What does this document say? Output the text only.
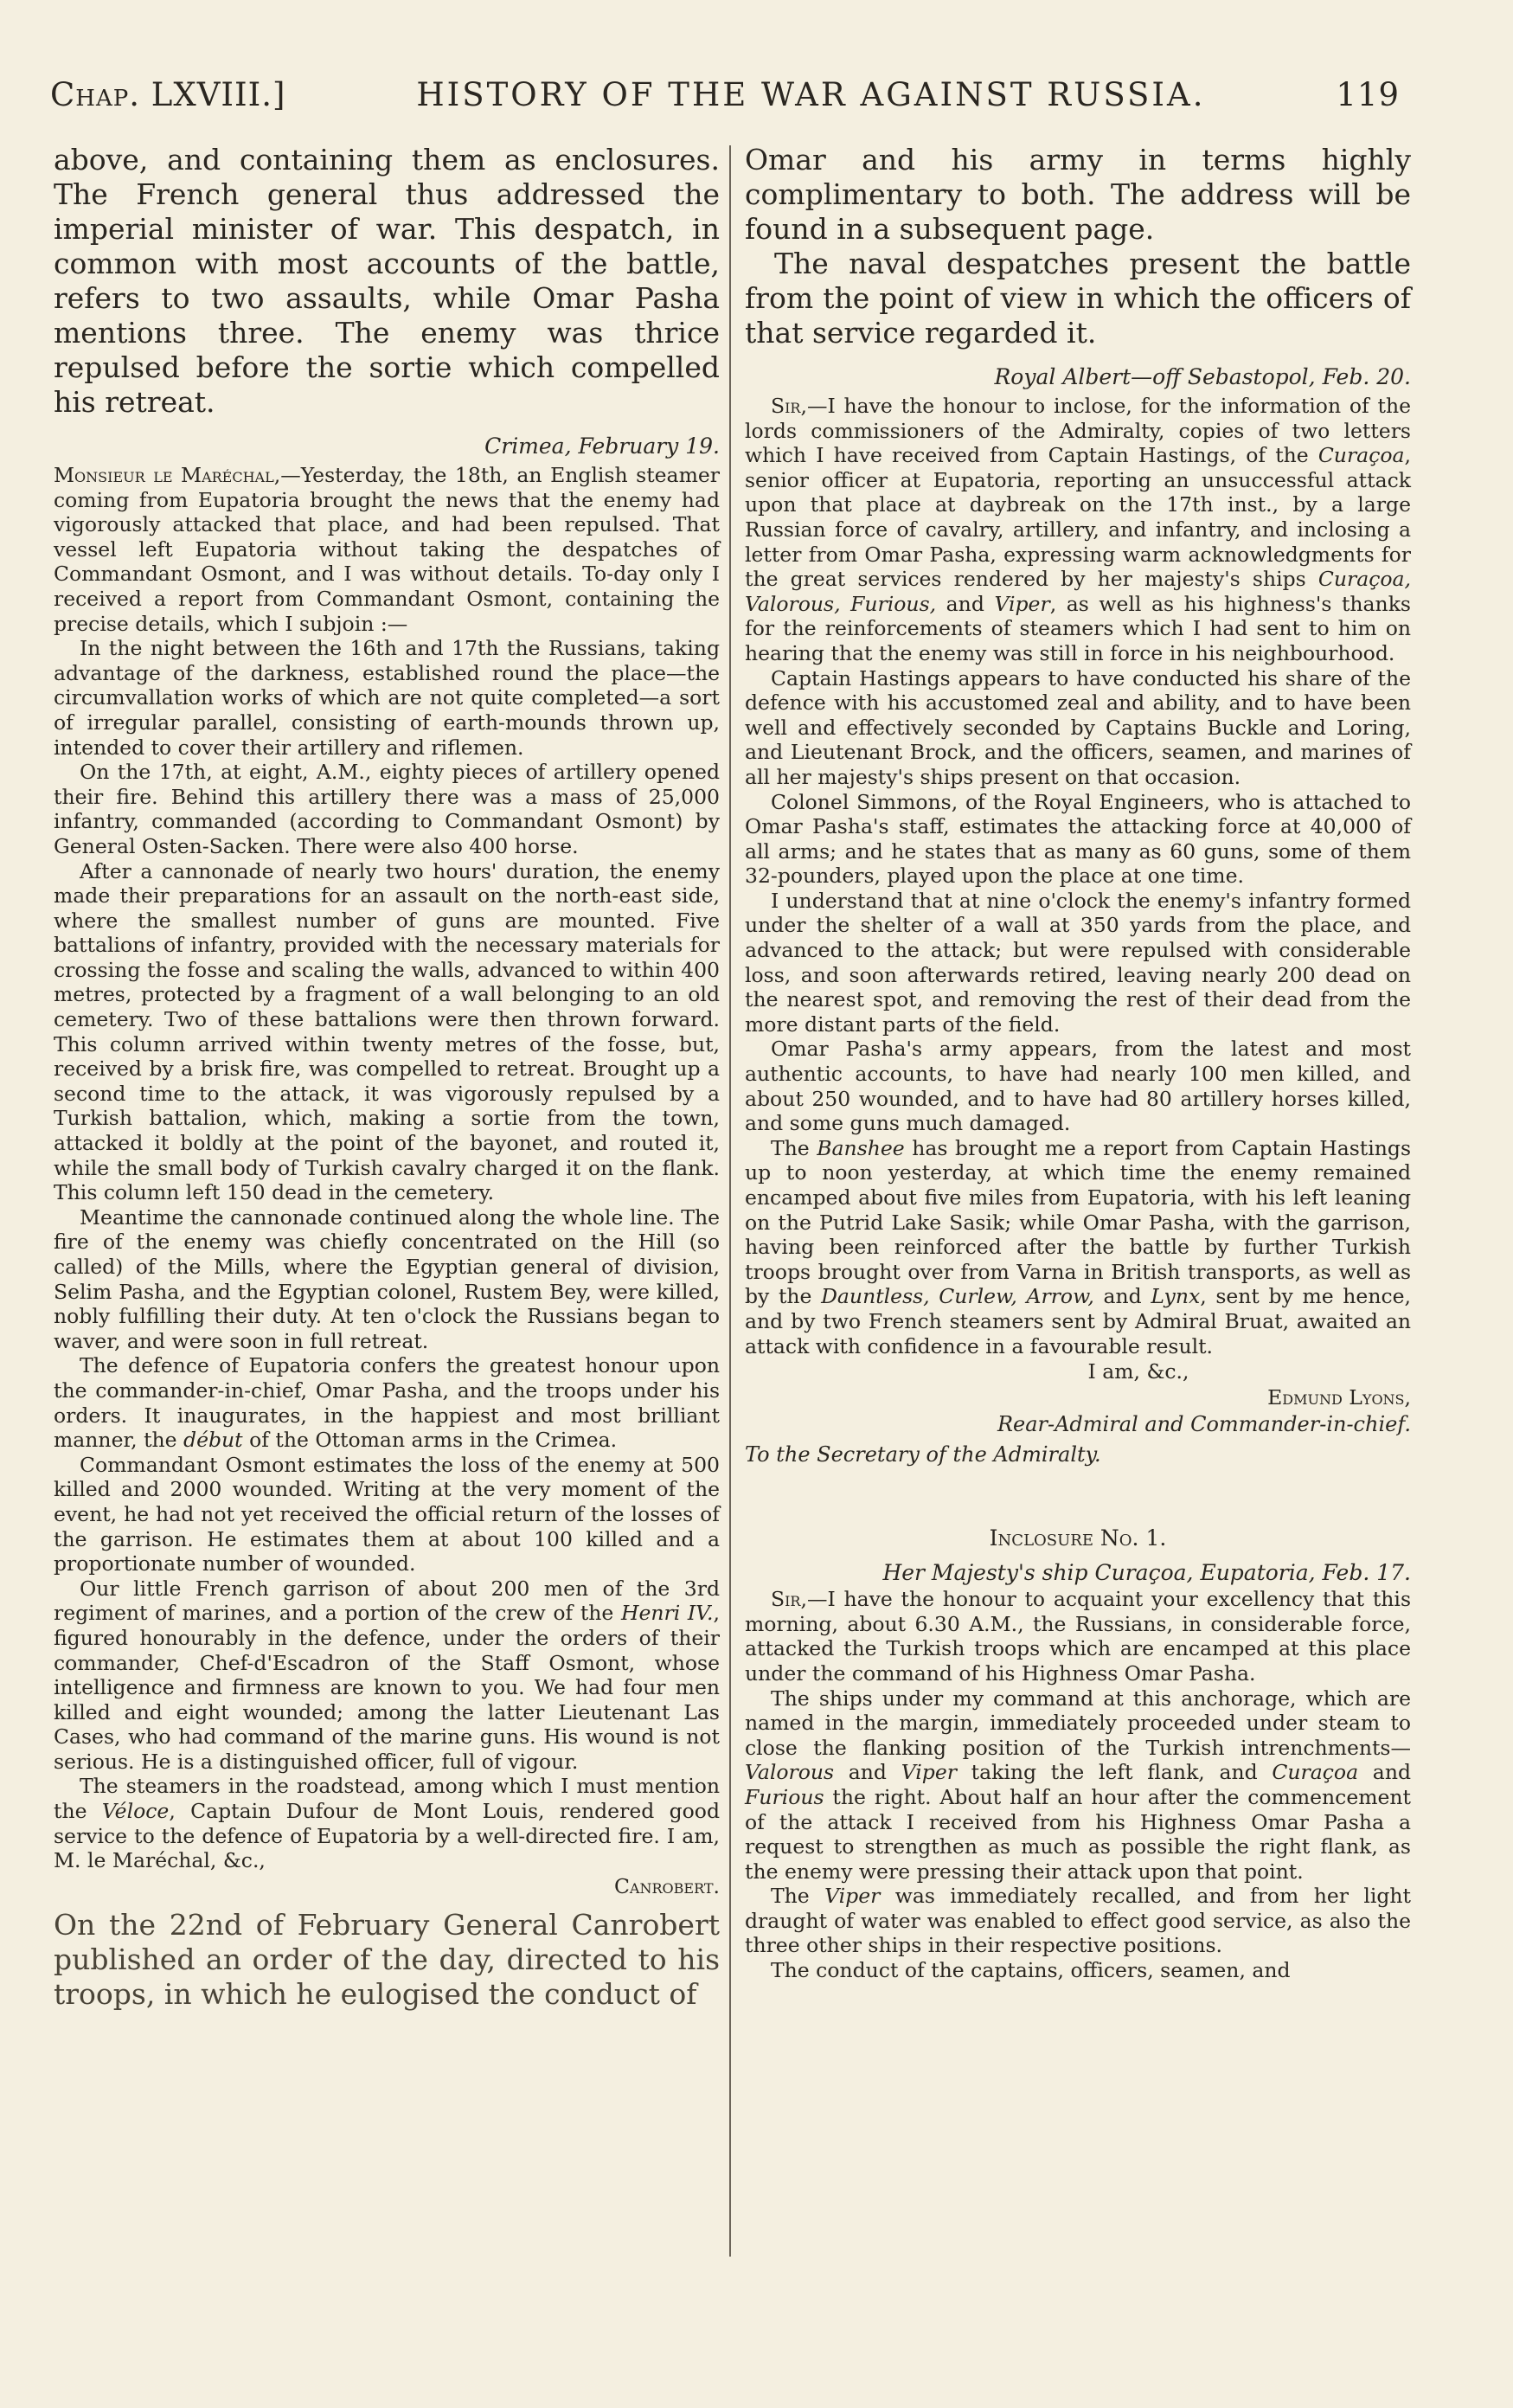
Chap. LXVIII.]	HISTORY OF THE WAR AGAINST RUSSIA.	119

above, and containing them as enclosures. The French general thus addressed the imperial minister of war. This despatch, in common with most accounts of the battle, refers to two assaults, while Omar Pasha mentions three. The enemy was thrice repulsed before the sortie which compelled his retreat.

Crimea, February 19.

Monsieur le Maréchal,—Yesterday, the 18th, an English steamer coming from Eupatoria brought the news that the enemy had vigorously attacked that place, and had been repulsed. That vessel left Eupatoria without taking the despatches of Commandant Osmont, and I was without details. To-day only I received a report from Commandant Osmont, containing the precise details, which I subjoin :—

In the night between the 16th and 17th the Russians, taking advantage of the darkness, established round the place—the circumvallation works of which are not quite completed—a sort of irregular parallel, consisting of earth-mounds thrown up, intended to cover their artillery and riflemen.

On the 17th, at eight, A.M., eighty pieces of artillery opened their fire. Behind this artillery there was a mass of 25,000 infantry, commanded (according to Commandant Osmont) by General Osten-Sacken. There were also 400 horse.

After a cannonade of nearly two hours' duration, the enemy made their preparations for an assault on the north-east side, where the smallest number of guns are mounted. Five battalions of infantry, provided with the necessary materials for crossing the fosse and scaling the walls, advanced to within 400 metres, protected by a fragment of a wall belonging to an old cemetery. Two of these battalions were then thrown forward. This column arrived within twenty metres of the fosse, but, received by a brisk fire, was compelled to retreat. Brought up a second time to the attack, it was vigorously repulsed by a Turkish battalion, which, making a sortie from the town, attacked it boldly at the point of the bayonet, and routed it, while the small body of Turkish cavalry charged it on the flank. This column left 150 dead in the cemetery.

Meantime the cannonade continued along the whole line. The fire of the enemy was chiefly concentrated on the Hill (so called) of the Mills, where the Egyptian general of division, Selim Pasha, and the Egyptian colonel, Rustem Bey, were killed, nobly fulfilling their duty. At ten o'clock the Russians began to waver, and were soon in full retreat.

The defence of Eupatoria confers the greatest honour upon the commander-in-chief, Omar Pasha, and the troops under his orders. It inaugurates, in the happiest and most brilliant manner, the début of the Ottoman arms in the Crimea.

Commandant Osmont estimates the loss of the enemy at 500 killed and 2000 wounded. Writing at the very moment of the event, he had not yet received the official return of the losses of the garrison. He estimates them at about 100 killed and a proportionate number of wounded.

Our little French garrison of about 200 men of the 3rd regiment of marines, and a portion of the crew of the Henri IV., figured honourably in the defence, under the orders of their commander, Chef-d'Escadron of the Staff Osmont, whose intelligence and firmness are known to you. We had four men killed and eight wounded; among the latter Lieutenant Las Cases, who had command of the marine guns. His wound is not serious. He is a distinguished officer, full of vigour.

The steamers in the roadstead, among which I must mention the Véloce, Captain Dufour de Mont Louis, rendered good service to the defence of Eupatoria by a well-directed fire. I am, M. le Maréchal, &c.,

Canrobert.

On the 22nd of February General Canrobert published an order of the day, directed to his troops, in which he eulogised the conduct of

Omar and his army in terms highly complimentary to both. The address will be found in a subsequent page.

The naval despatches present the battle from the point of view in which the officers of that service regarded it.

Royal Albert—off Sebastopol, Feb. 20.

Sir,—I have the honour to inclose, for the information of the lords commissioners of the Admiralty, copies of two letters which I have received from Captain Hastings, of the Curaçoa, senior officer at Eupatoria, reporting an unsuccessful attack upon that place at daybreak on the 17th inst., by a large Russian force of cavalry, artillery, and infantry, and inclosing a letter from Omar Pasha, expressing warm acknowledgments for the great services rendered by her majesty's ships Curaçoa, Valorous, Furious, and Viper, as well as his highness's thanks for the reinforcements of steamers which I had sent to him on hearing that the enemy was still in force in his neighbourhood.

Captain Hastings appears to have conducted his share of the defence with his accustomed zeal and ability, and to have been well and effectively seconded by Captains Buckle and Loring, and Lieutenant Brock, and the officers, seamen, and marines of all her majesty's ships present on that occasion.

Colonel Simmons, of the Royal Engineers, who is attached to Omar Pasha's staff, estimates the attacking force at 40,000 of all arms; and he states that as many as 60 guns, some of them 32-pounders, played upon the place at one time.

I understand that at nine o'clock the enemy's infantry formed under the shelter of a wall at 350 yards from the place, and advanced to the attack; but were repulsed with considerable loss, and soon afterwards retired, leaving nearly 200 dead on the nearest spot, and removing the rest of their dead from the more distant parts of the field.

Omar Pasha's army appears, from the latest and most authentic accounts, to have had nearly 100 men killed, and about 250 wounded, and to have had 80 artillery horses killed, and some guns much damaged.

The Banshee has brought me a report from Captain Hastings up to noon yesterday, at which time the enemy remained encamped about five miles from Eupatoria, with his left leaning on the Putrid Lake Sasik; while Omar Pasha, with the garrison, having been reinforced after the battle by further Turkish troops brought over from Varna in British transports, as well as by the Dauntless, Curlew, Arrow, and Lynx, sent by me hence, and by two French steamers sent by Admiral Bruat, awaited an attack with confidence in a favourable result.

I am, &c.,
Edmund Lyons,
Rear-Admiral and Commander-in-chief.
To the Secretary of the Admiralty.
Inclosure No. 1.
Her Majesty's ship Curaçoa, Eupatoria, Feb. 17.

Sir,—I have the honour to acquaint your excellency that this morning, about 6.30 A.M., the Russians, in considerable force, attacked the Turkish troops which are encamped at this place under the command of his Highness Omar Pasha.

The ships under my command at this anchorage, which are named in the margin, immediately proceeded under steam to close the flanking position of the Turkish intrenchments—Valorous and Viper taking the left flank, and Curaçoa and Furious the right. About half an hour after the commencement of the attack I received from his Highness Omar Pasha a request to strengthen as much as possible the right flank, as the enemy were pressing their attack upon that point.

The Viper was immediately recalled, and from her light draught of water was enabled to effect good service, as also the three other ships in their respective positions.

The conduct of the captains, officers, seamen, and
